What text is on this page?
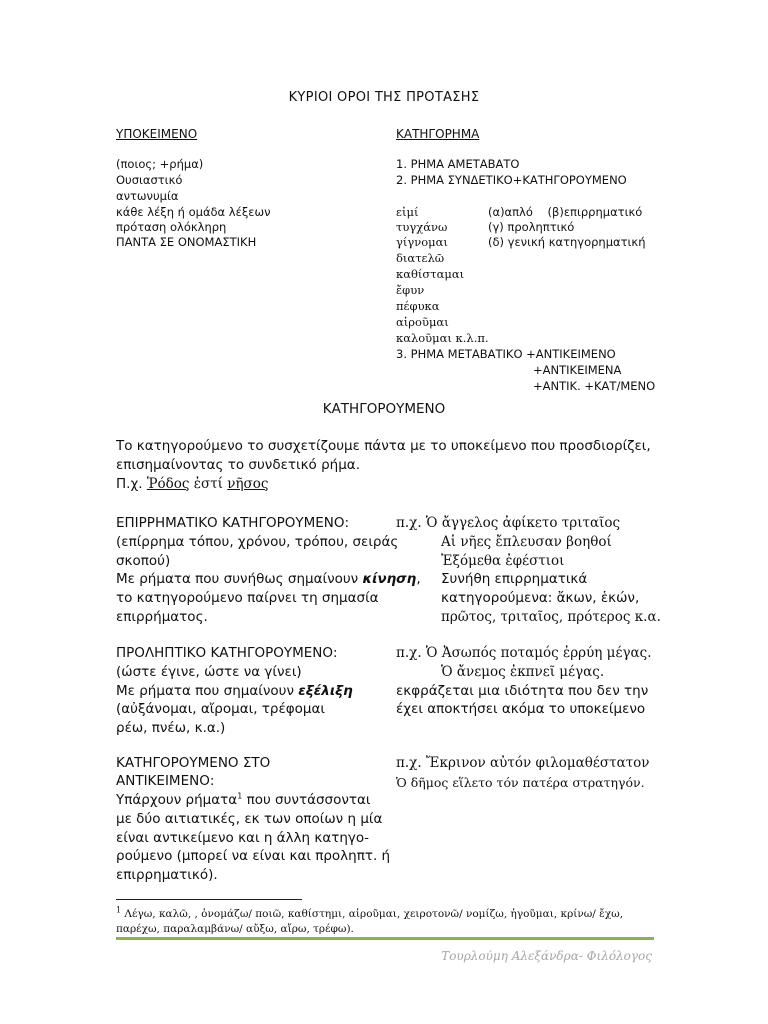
ΚΥΡΙΟΙ ΟΡΟΙ ΤΗΣ ΠΡΟΤΑΣΗΣ
ΥΠΟΚΕΙΜΕΝΟ	ΚΑΤΗΓΟΡΗΜΑ
(ποιος; +ρήμα)
Ουσιαστικό
αντωνυμία
κάθε λέξη ή ομάδα λέξεων
πρόταση ολόκληρη
ΠΑΝΤΑ ΣΕ ΟΝΟΜΑΣΤΙΚΗ
1. ΡΗΜΑ ΑΜΕΤΑΒΑΤΟ
2. ΡΗΜΑ ΣΥΝΔΕΤΙΚΟ+ΚΑΤΗΓΟΡΟΥΜΕΝΟ
εἰμί
τυγχάνω
γίγνομαι
διατελῶ
καθίσταμαι
ἔφυν
πέφυκα
αἱροῦμαι
καλοῦμαι κ.λ.π.
(α)απλό    (β)επιρρηματικό
(γ) προληπτικό
(δ) γενική κατηγορηματική
3. ΡΗΜΑ ΜΕΤΑΒΑΤΙΚΟ +ΑΝΤΙΚΕΙΜΕΝΟ
+ΑΝΤΙΚΕΙΜΕΝΑ
+ΑΝΤΙΚ. +ΚΑΤ/ΜΕΝΟ
ΚΑΤΗΓΟΡΟΥΜΕΝΟ
Το κατηγορούμενο το συσχετίζουμε πάντα με το υποκείμενο που προσδιορίζει,
επισημαίνοντας το συνδετικό ρήμα.
Π.χ. Ῥόδος ἐστί νῆσος
ΕΠΙΡΡΗΜΑΤΙΚΟ ΚΑΤΗΓΟΡΟΥΜΕΝΟ:
(επίρρημα τόπου, χρόνου, τρόπου, σειράς
σκοπού)
Με ρήματα που συνήθως σημαίνουν κίνηση,
το κατηγορούμενο παίρνει τη σημασία
επιρρήματος.
π.χ. Ὁ ἄγγελος ἀφίκετο τριταῖος
Αἱ νῆες ἔπλευσαν βοηθοί
Ἐξόμεθα ἐφέστιοι
Συνήθη επιρρηματικά
κατηγορούμενα: ἄκων, ἑκών,
πρῶτος, τριταῖος, πρότερος κ.α.
ΠΡΟΛΗΠΤΙΚΟ ΚΑΤΗΓΟΡΟΥΜΕΝΟ:
(ώστε έγινε, ώστε να γίνει)
Με ρήματα που σημαίνουν εξέλιξη
(αὐξάνομαι, αἴρομαι, τρέφομαι
ρέω, πνέω, κ.α.)
π.χ. Ὁ Ἀσωπός ποταμός ἐρρύη μέγας.
Ὁ ἄνεμος ἐκπνεῖ μέγας.
εκφράζεται μια ιδιότητα που δεν την
έχει αποκτήσει ακόμα το υποκείμενο
ΚΑΤΗΓΟΡΟΥΜΕΝΟ ΣΤΟ
ΑΝΤΙΚΕΙΜΕΝΟ:
Υπάρχουν ρήματα$^1$ που συντάσσονται
με δύο αιτιατικές, εκ των οποίων η μία
είναι αντικείμενο και η άλλη κατηγο-
ρούμενο (μπορεί να είναι και προληπτ. ή
επιρρηματικό).
π.χ. Ἔκρινον αὐτόν φιλομαθέστατον
Ὁ δῆμος εἵλετο τόν πατέρα στρατηγόν.
$^1$ Λέγω, καλῶ, , ὀνομάζω/ ποιῶ, καθίστημι, αἱροῦμαι, χειροτονῶ/ νομίζω, ἡγοῦμαι, κρίνω/ ἔχω,
παρέχω, παραλαμβάνω/ αὔξω, αἴρω, τρέφω).
Τουρλούμη Αλεξάνδρα- Φιλόλογος
